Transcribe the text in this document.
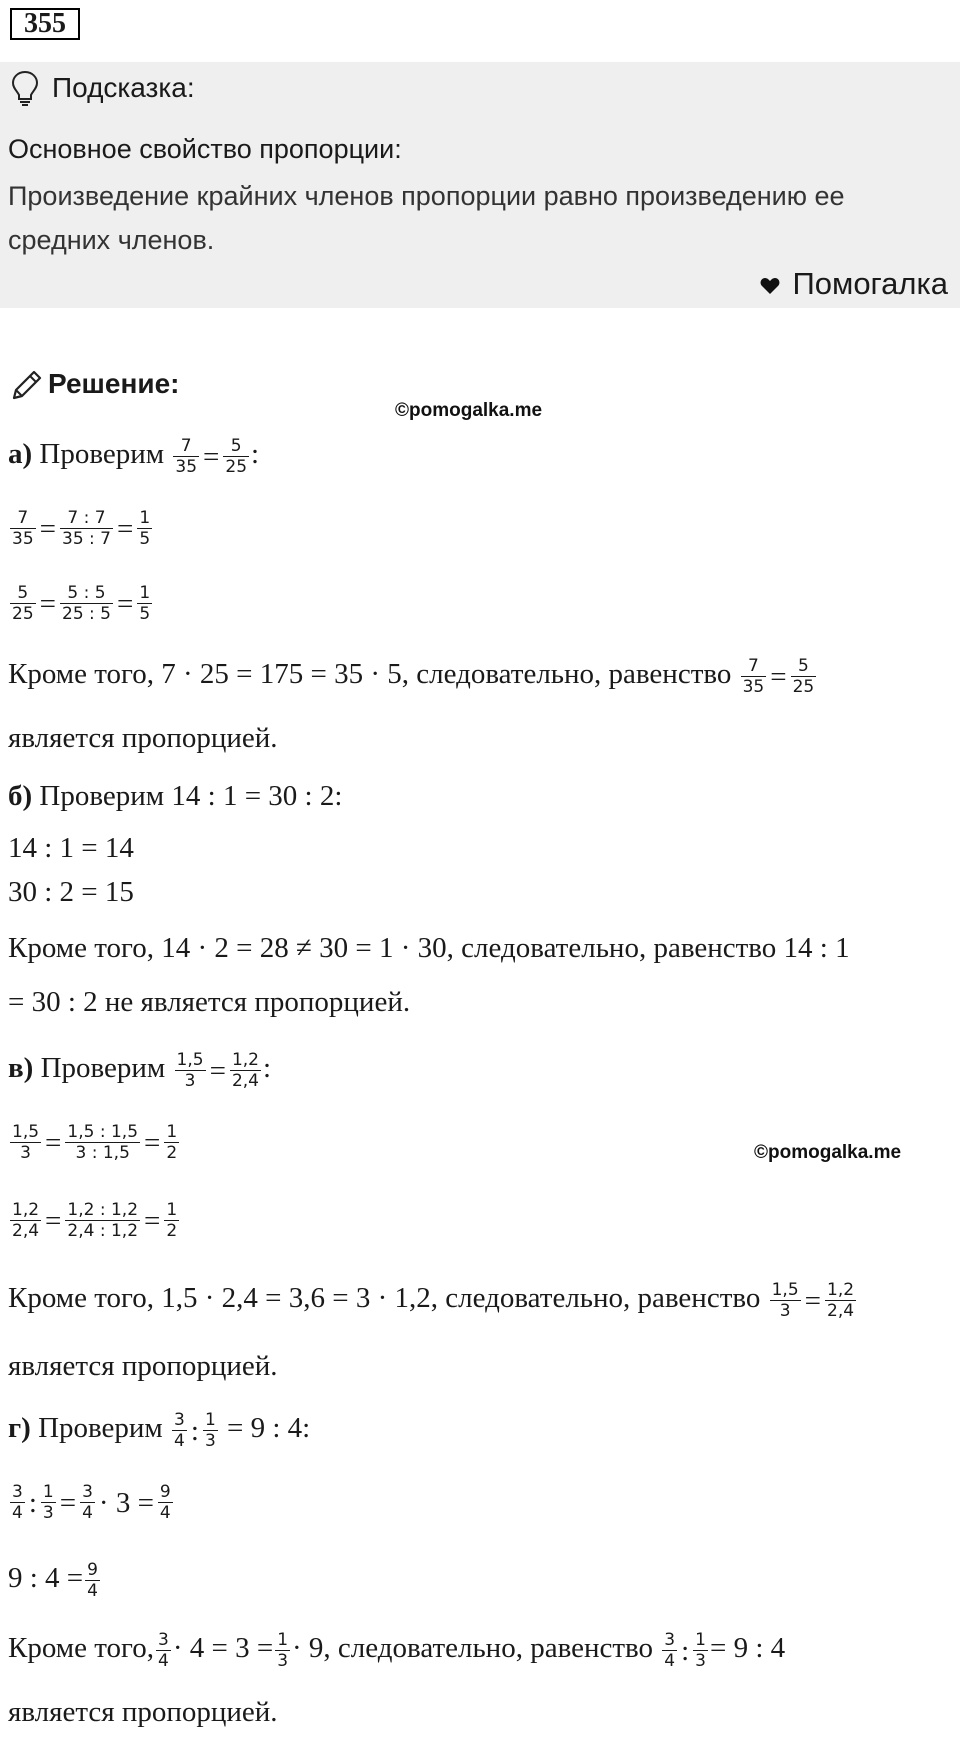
355
Подсказка:
Основное свойство пропорции:
Произведение крайних членов пропорции равно произведению ее средних членов.
Помогалка
Решение:
©pomogalka.me
©pomogalka.me
а) Проверим $\frac{7}{35} = \frac{5}{25}$ :
$\frac{7}{35} = \frac{7 : 7}{35 : 7} = \frac{1}{5}$
$\frac{5}{25} = \frac{5 : 5}{25 : 5} = \frac{1}{5}$
Кроме того, 7 · 25 = 175 = 35 · 5, следовательно, равенство $\frac{7}{35} = \frac{5}{25}$
является пропорцией.
б) Проверим 14 : 1 = 30 : 2:
14 : 1 = 14
30 : 2 = 15
Кроме того, 14 · 2 = 28 ≠ 30 = 1 · 30, следовательно, равенство 14 : 1
= 30 : 2 не является пропорцией.
в) Проверим $\frac{1,5}{3} = \frac{1,2}{2,4}$ :
$\frac{1,5}{3} = \frac{1,5 : 1,5}{3 : 1,5} = \frac{1}{2}$
$\frac{1,2}{2,4} = \frac{1,2 : 1,2}{2,4 : 1,2} = \frac{1}{2}$
Кроме того, 1,5 · 2,4 = 3,6 = 3 · 1,2, следовательно, равенство $\frac{1,5}{3} = \frac{1,2}{2,4}$
является пропорцией.
г) Проверим $\frac{3}{4}$ : $\frac{1}{3} = 9$ : 4:
$\frac{3}{4}$ : $\frac{1}{3} = \frac{3}{4} \cdot 3 = \frac{9}{4}$
9 : $4 = \frac{9}{4}$
Кроме того, $\frac{3}{4} \cdot 4 = 3 = \frac{1}{3} \cdot 9$, следовательно, равенство $\frac{3}{4}$ : $\frac{1}{3} = 9$ : 4
является пропорцией.
